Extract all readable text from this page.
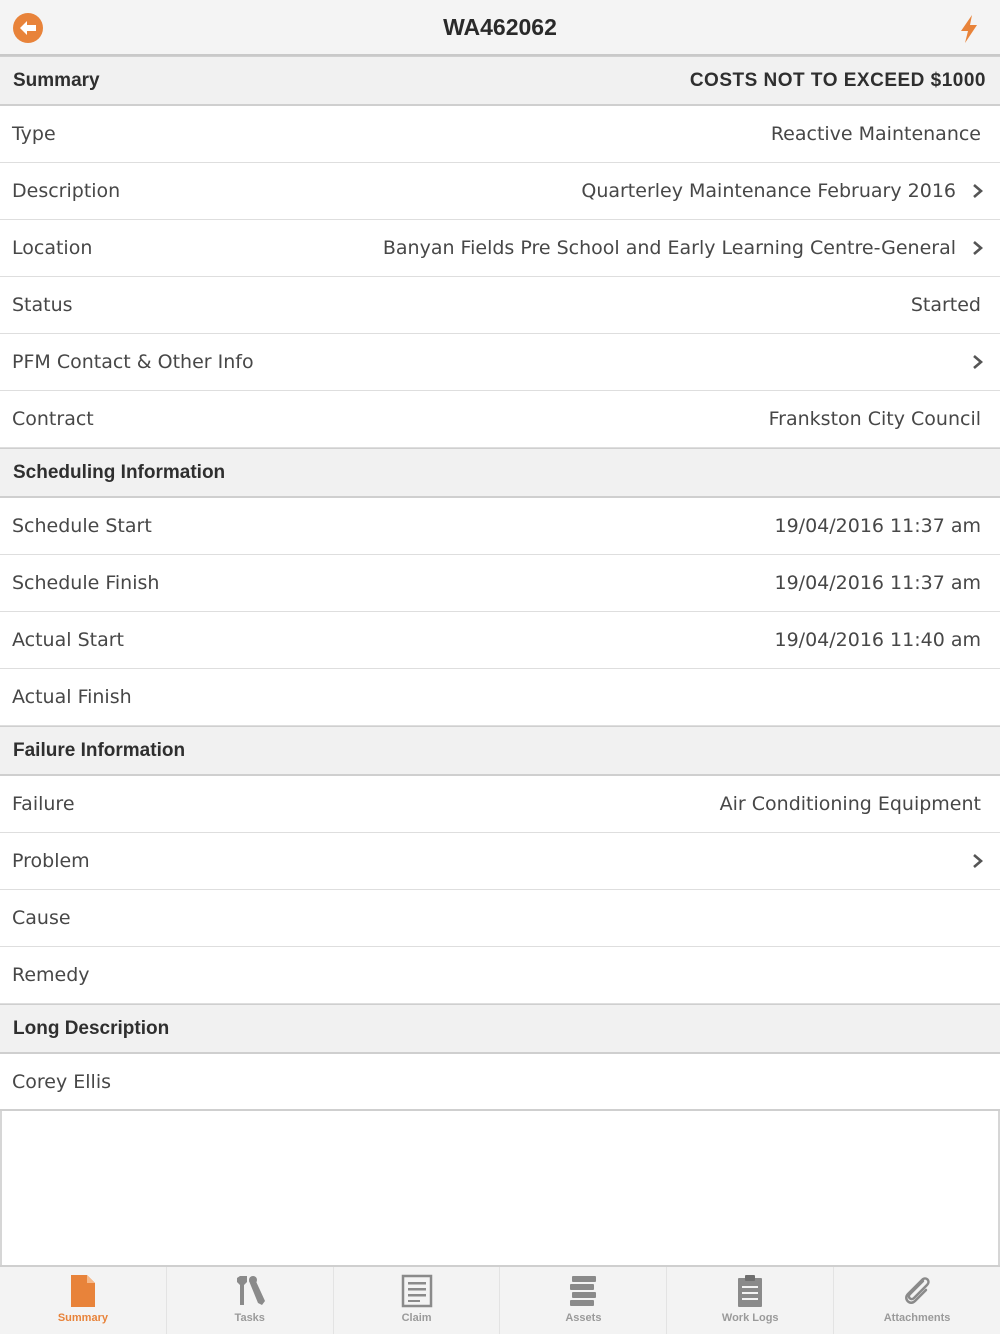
WA462062
Summary	COSTS NOT TO EXCEED $1000
Type	Reactive Maintenance
Description	Quarterley Maintenance February 2016
Location	Banyan Fields Pre School and Early Learning Centre-General
Status	Started
PFM Contact & Other Info
Contract	Frankston City Council
Scheduling Information
Schedule Start	19/04/2016 11:37 am
Schedule Finish	19/04/2016 11:37 am
Actual Start	19/04/2016 11:40 am
Actual Finish
Failure Information
Failure	Air Conditioning Equipment
Problem
Cause
Remedy
Long Description
Corey Ellis
Summary	Tasks	Claim	Assets	Work Logs	Attachments
